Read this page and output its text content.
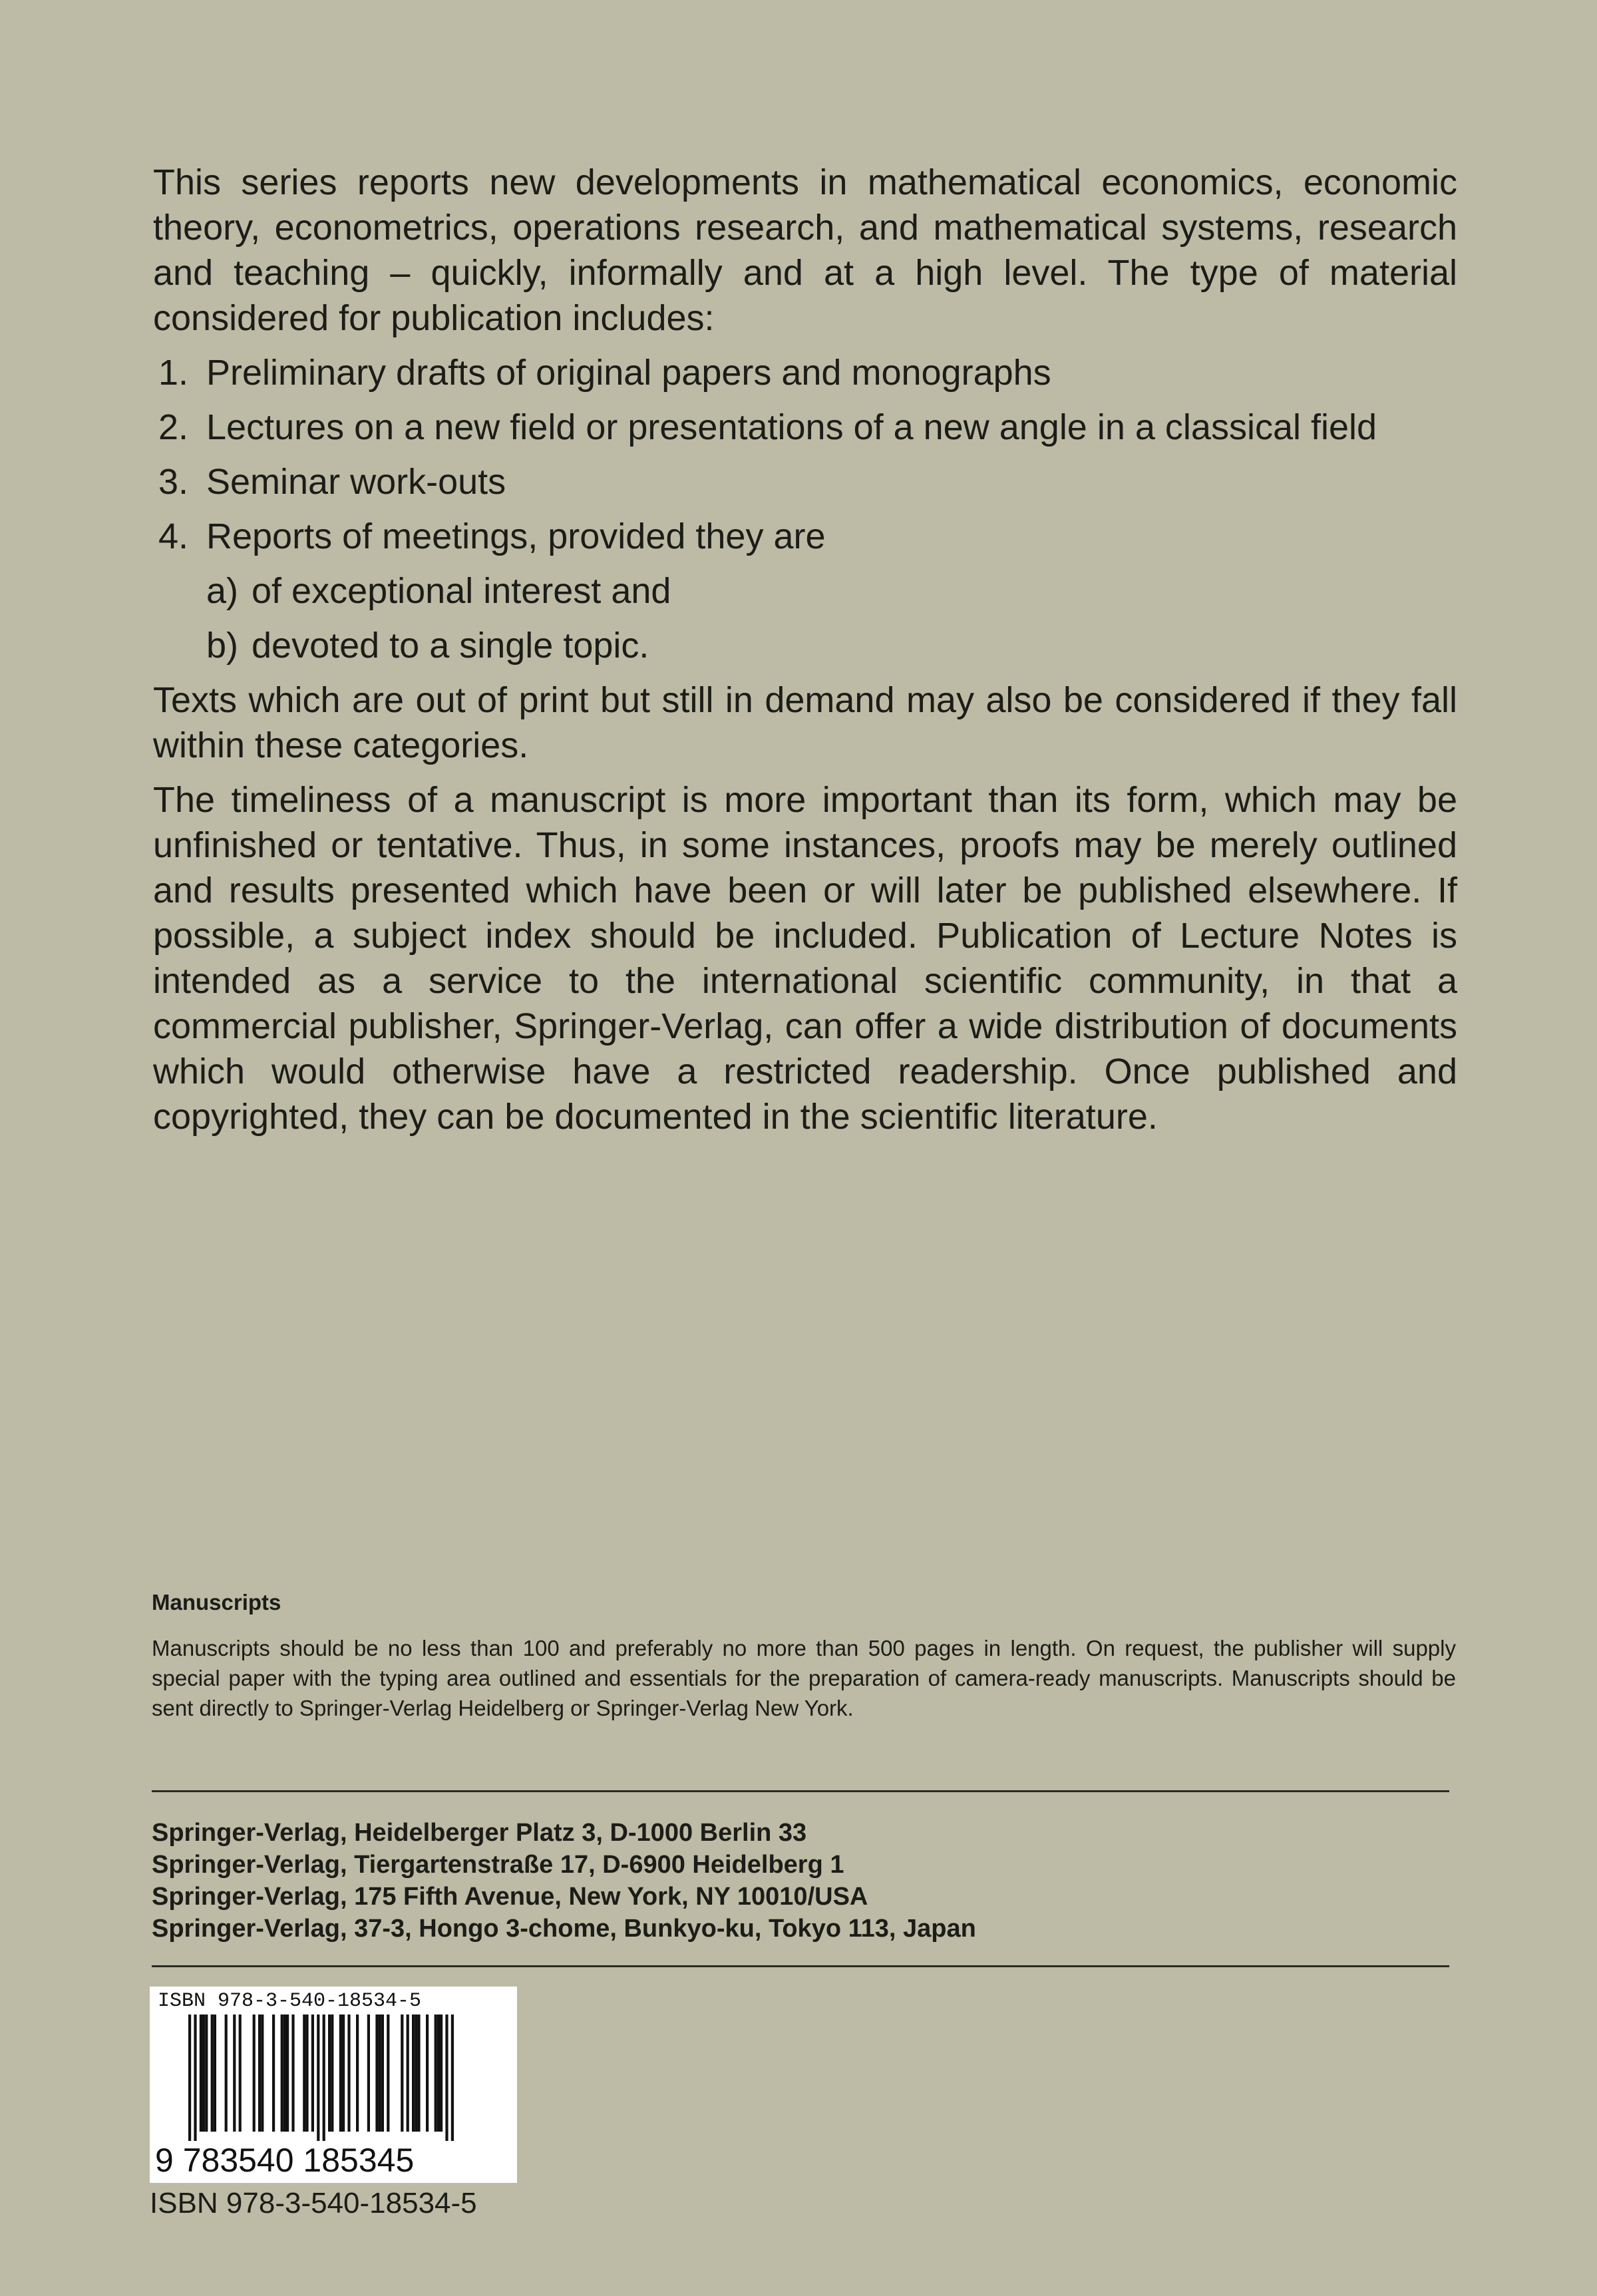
This series reports new developments in mathematical economics, economic theory, econometrics, operations research, and mathematical systems, research and teaching – quickly, informally and at a high level. The type of material considered for publication includes:

1. Preliminary drafts of original papers and monographs
2. Lectures on a new field or presentations of a new angle in a classical field
3. Seminar work-outs
4. Reports of meetings, provided they are
a) of exceptional interest and
b) devoted to a single topic.

Texts which are out of print but still in demand may also be considered if they fall within these categories.

The timeliness of a manuscript is more important than its form, which may be unfinished or tentative. Thus, in some instances, proofs may be merely outlined and results presented which have been or will later be published elsewhere. If possible, a subject index should be included. Publication of Lecture Notes is intended as a service to the international scientific community, in that a commercial publisher, Springer-Verlag, can offer a wide distribution of documents which would otherwise have a restricted readership. Once published and copyrighted, they can be documented in the scientific literature.

Manuscripts

Manuscripts should be no less than 100 and preferably no more than 500 pages in length. On request, the publisher will supply special paper with the typing area outlined and essentials for the preparation of camera-ready manuscripts. Manuscripts should be sent directly to Springer-Verlag Heidelberg or Springer-Verlag New York.

Springer-Verlag, Heidelberger Platz 3, D-1000 Berlin 33
Springer-Verlag, Tiergartenstraße 17, D-6900 Heidelberg 1
Springer-Verlag, 175 Fifth Avenue, New York, NY 10010/USA
Springer-Verlag, 37-3, Hongo 3-chome, Bunkyo-ku, Tokyo 113, Japan
ISBN 978-3-540-18534-5
9 783540 185345
ISBN 978-3-540-18534-5
